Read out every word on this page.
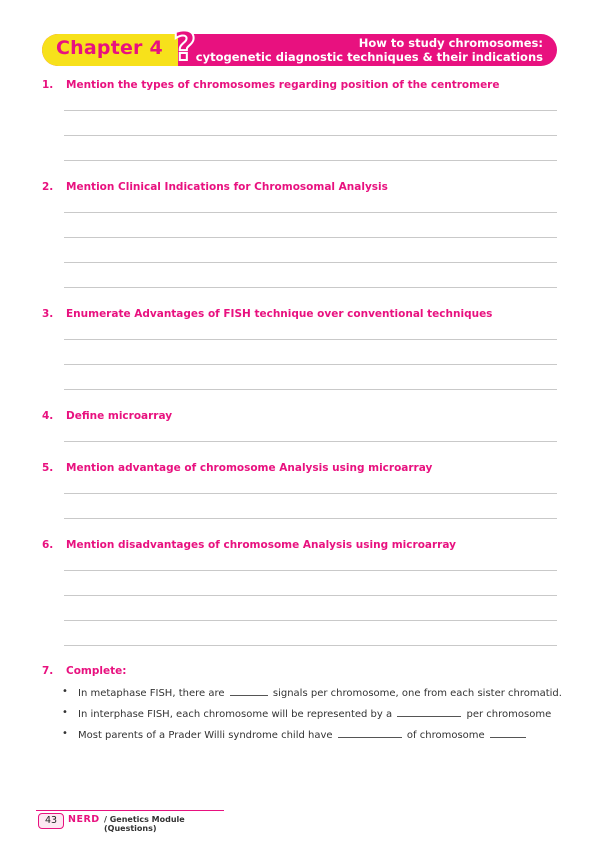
Chapter 4 ?	How to study chromosomes:
cytogenetic diagnostic techniques & their indications
1. Mention the types of chromosomes regarding position of the centromere
2. Mention Clinical Indications for Chromosomal Analysis
3. Enumerate Advantages of FISH technique over conventional techniques
4. Define microarray
5. Mention advantage of chromosome Analysis using microarray
6. Mention disadvantages of chromosome Analysis using microarray
7. Complete:
• In metaphase FISH, there are	signals per chromosome, one from each sister chromatid.
• In interphase FISH, each chromosome will be represented by a	per chromosome
• Most parents of a Prader Willi syndrome child have	of chromosome
43	NERD / Genetics Module (Questions)
